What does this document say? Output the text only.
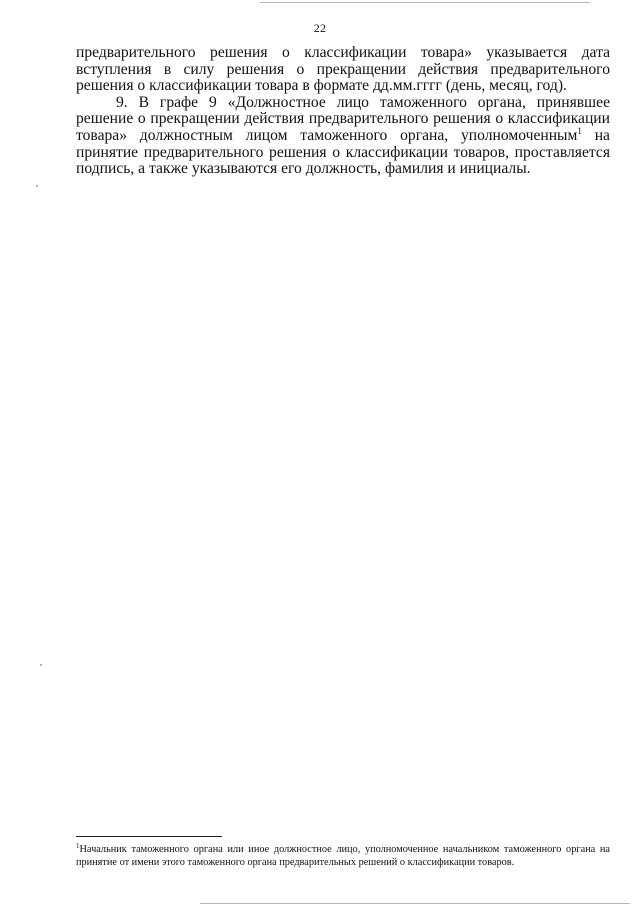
22

предварительного решения о классификации товара» указывается дата вступления в силу решения о прекращении действия предварительного решения о классификации товара в формате дд.мм.гггг (день, месяц, год).

9. В графе 9 «Должностное лицо таможенного органа, принявшее решение о прекращении действия предварительного решения о классификации товара» должностным лицом таможенного органа, уполномоченным$^1$ на принятие предварительного решения о классификации товаров, проставляется подпись, а также указываются его должность, фамилия и инициалы.

$^1$Начальник таможенного органа или иное должностное лицо, уполномоченное начальником таможенного органа на принятие от имени этого таможенного органа предварительных решений о классификации товаров.
